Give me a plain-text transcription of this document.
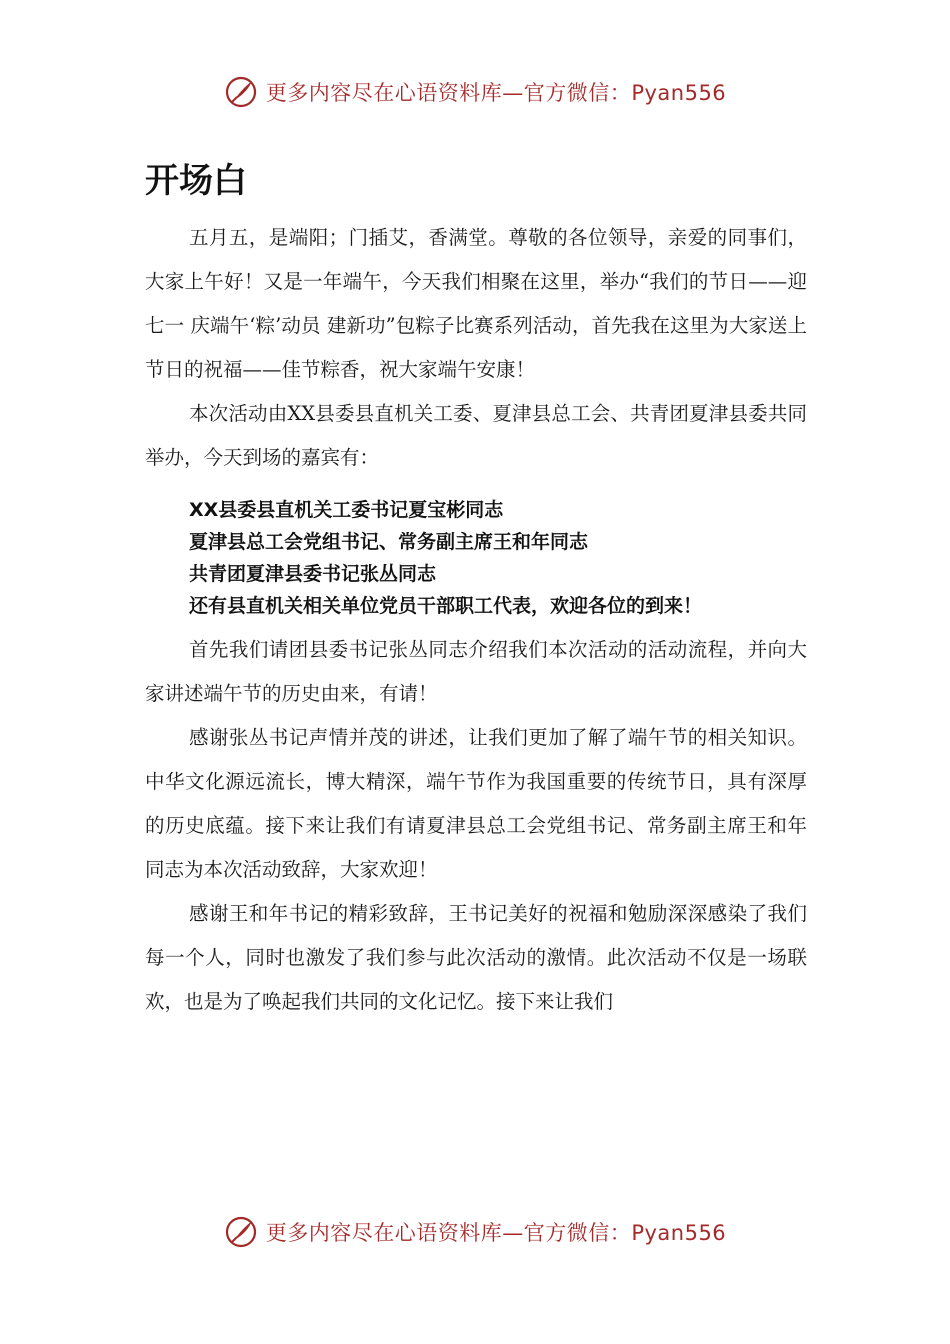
更多内容尽在心语资料库—官方微信：Pyan556
开场白

五月五，是端阳；门插艾，香满堂。尊敬的各位领导，亲爱的同事们，大家上午好！又是一年端午，今天我们相聚在这里，举办“我们的节日——迎七一 庆端午‘粽’动员 建新功”包粽子比赛系列活动，首先我在这里为大家送上节日的祝福——佳节粽香，祝大家端午安康！

本次活动由XX县委县直机关工委、夏津县总工会、共青团夏津县委共同举办，今天到场的嘉宾有：

XX县委县直机关工委书记夏宝彬同志
夏津县总工会党组书记、常务副主席王和年同志
共青团夏津县委书记张丛同志
还有县直机关相关单位党员干部职工代表，欢迎各位的到来！

首先我们请团县委书记张丛同志介绍我们本次活动的活动流程，并向大家讲述端午节的历史由来，有请！

感谢张丛书记声情并茂的讲述，让我们更加了解了端午节的相关知识。中华文化源远流长，博大精深，端午节作为我国重要的传统节日，具有深厚的历史底蕴。接下来让我们有请夏津县总工会党组书记、常务副主席王和年同志为本次活动致辞，大家欢迎！

感谢王和年书记的精彩致辞，王书记美好的祝福和勉励深深感染了我们每一个人，同时也激发了我们参与此次活动的激情。此次活动不仅是一场联欢，也是为了唤起我们共同的文化记忆。接下来让我们

更多内容尽在心语资料库—官方微信：Pyan556
